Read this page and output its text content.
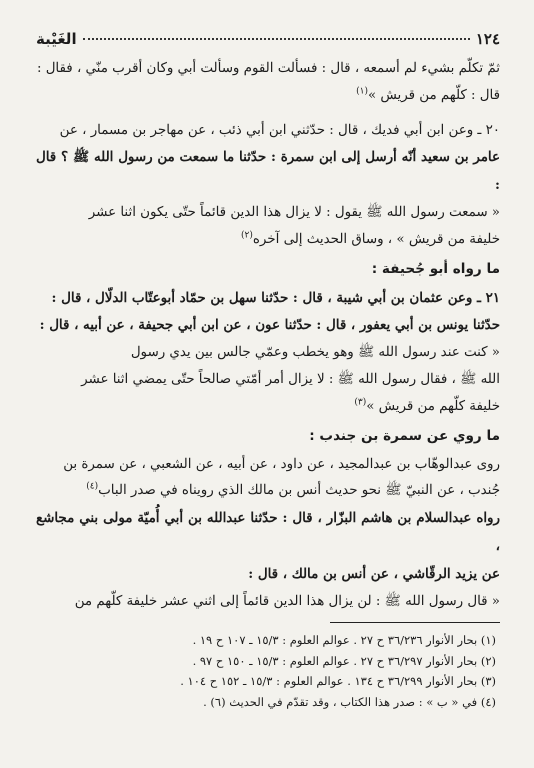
١٢٤
الغَيْبة

ثمّ تكلّم بشيء لم أسمعه ، قال : فسألت القوم وسألت أبي وكان أقرب منّي ، فقال :
قال : كلّهم من قريش »$^{(١)}$

٢٠ ـ وعن ابن أبي فديك ، قال : حدّثني ابن أبي ذئب ، عن مهاجر بن مسمار ، عن
عامر بن سعيد أنّه أرسل إلى ابن سمرة : حدّثنا ما سمعت من رسول الله ﷺ ؟ قال :
« سمعت رسول الله ﷺ يقول : لا يزال هذا الدين قائماً حتّى يكون اثنا عشر
خليفة من قريش » ، وساق الحديث إلى آخره$^{(٢)}$

ما رواه أبو جُحيفة :

٢١ ـ وعن عثمان بن أبي شيبة ، قال : حدّثنا سهل بن حمّاد أبوعتّاب الدلّال ، قال :
حدّثنا يونس بن أبي يعفور ، قال : حدّثنا عون ، عن ابن أبي جحيفة ، عن أبيه ، قال :
« كنت عند رسول الله ﷺ وهو يخطب وعمّي جالس بين يدي رسول
الله ﷺ ، فقال رسول الله ﷺ : لا يزال أمر أمّتي صالحاً حتّى يمضي اثنا عشر
خليفة كلّهم من قريش »$^{(٣)}$

ما روي عن سمرة بن جندب :

روى عبدالوهّاب بن عبدالمجيد ، عن داود ، عن أبيه ، عن الشعبي ، عن سمرة بن
جُندب ، عن النبيّ ﷺ نحو حديث أنس بن مالك الذي رويناه في صدر الباب$^{(٤)}$
رواه عبدالسلام بن هاشم البزّار ، قال : حدّثنا عبدالله بن أبي أُميّة مولى بني مجاشع ،
عن يزيد الرقّاشي ، عن أنس بن مالك ، قال :
« قال رسول الله ﷺ : لن يزال هذا الدين قائماً إلى اثني عشر خليفة كلّهم من

(١) بحار الأنوار ٣٦/٢٣٦ ح ٢٧ . عوالم العلوم : ١٥/٣ ـ ١٠٧ ح ١٩ .
(٢) بحار الأنوار ٣٦/٢٩٧ ح ٢٧ . عوالم العلوم : ١٥/٣ ـ ١٥٠ ح ٩٧ .
(٣) بحار الأنوار ٣٦/٢٩٩ ح ١٣٤ . عوالم العلوم : ١٥/٣ ـ ١٥٢ ح ١٠٤ .
(٤) في « ب » : صدر هذا الكتاب ، وقد تقدّم في الحديث (٦) .
